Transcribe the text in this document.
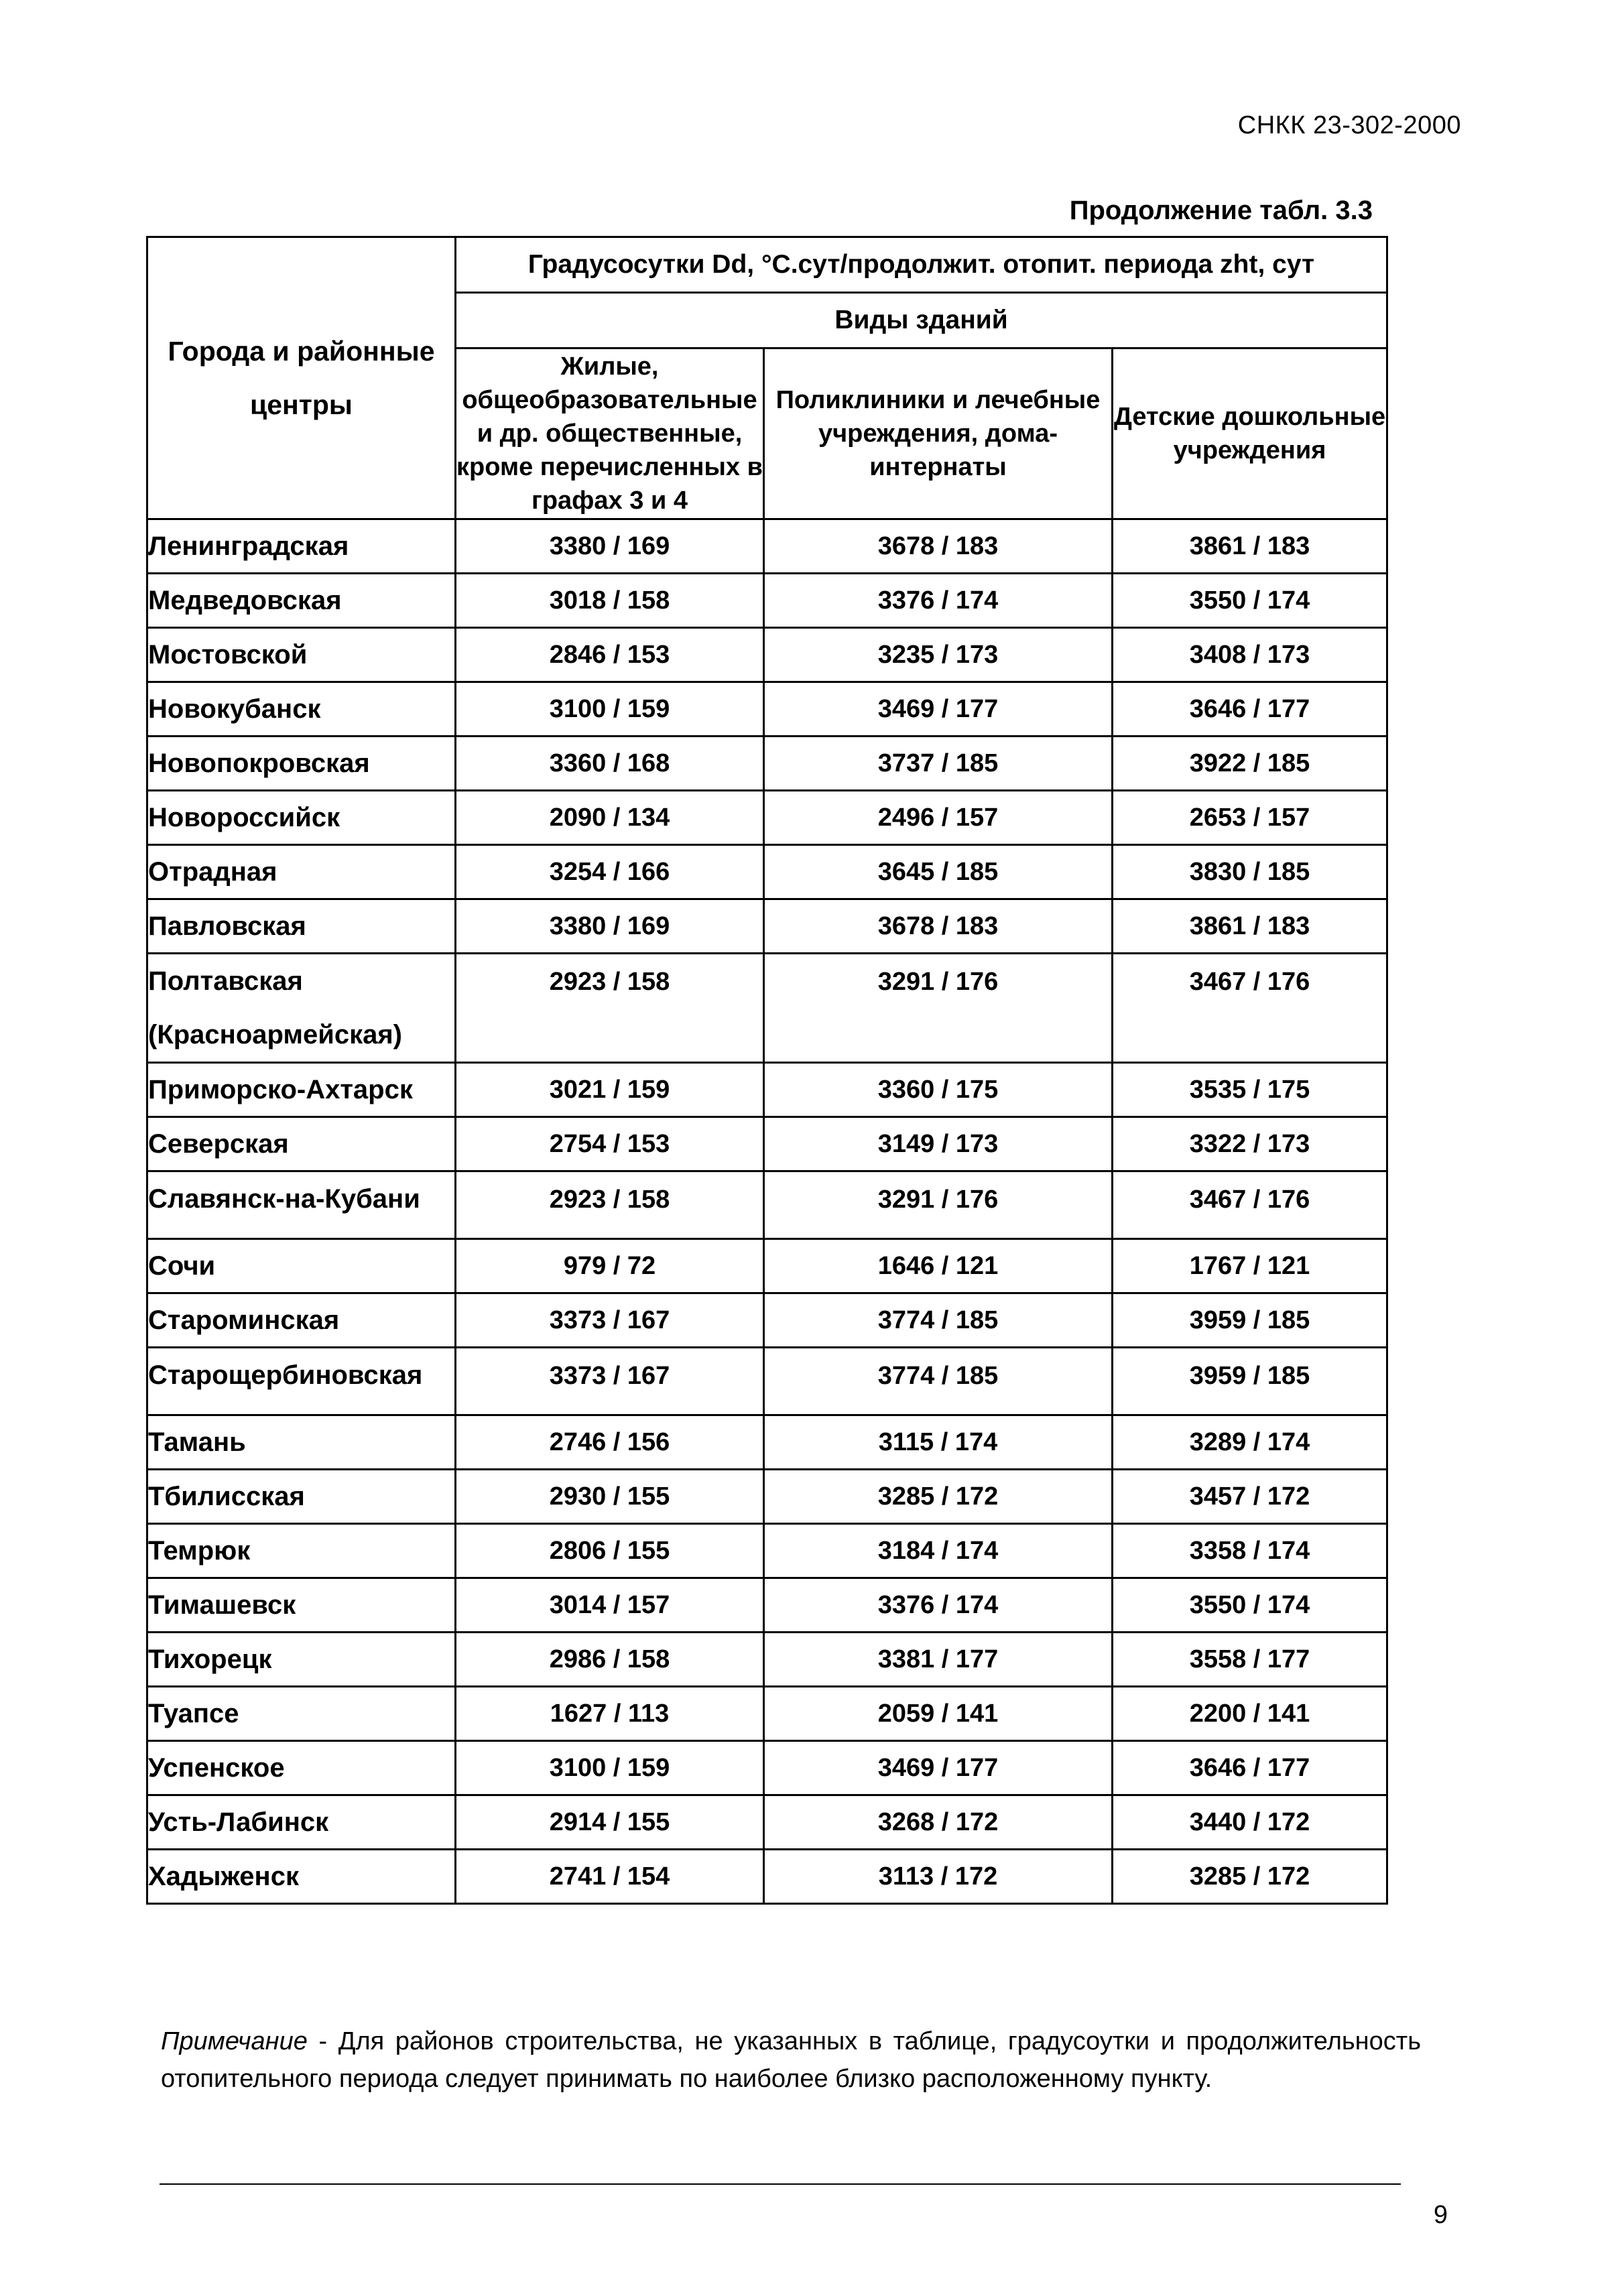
СНКК 23-302-2000
Продолжение табл. 3.3
Города и районные центры	Градусосутки Dd, °С.сут/продолжит. отопит. периода zht, сут		
	Виды зданий		
	Жилые, общеобразовательные и др. общественные, кроме перечисленных в графах 3 и 4	Поликлиники и лечебные учреждения, дома-интернаты	Детские дошкольные учреждения
Ленинградская	3380 / 169	3678 / 183	3861 / 183
Медведовская	3018 / 158	3376 / 174	3550 / 174
Мостовской	2846 / 153	3235 / 173	3408 / 173
Новокубанск	3100 / 159	3469 / 177	3646 / 177
Новопокровская	3360 / 168	3737 / 185	3922 / 185
Новороссийск	2090 / 134	2496 / 157	2653 / 157
Отрадная	3254 / 166	3645 / 185	3830 / 185
Павловская	3380 / 169	3678 / 183	3861 / 183
Полтавская (Красноармейская)	2923 / 158	3291 / 176	3467 / 176
Приморско-Ахтарск	3021 / 159	3360 / 175	3535 / 175
Северская	2754 / 153	3149 / 173	3322 / 173
Славянск-на-Кубани	2923 / 158	3291 / 176	3467 / 176
Сочи	979 / 72	1646 / 121	1767 / 121
Староминская	3373 / 167	3774 / 185	3959 / 185
Старощербиновская	3373 / 167	3774 / 185	3959 / 185
Тамань	2746 / 156	3115 / 174	3289 / 174
Тбилисская	2930 / 155	3285 / 172	3457 / 172
Темрюк	2806 / 155	3184 / 174	3358 / 174
Тимашевск	3014 / 157	3376 / 174	3550 / 174
Тихорецк	2986 / 158	3381 / 177	3558 / 177
Туапсе	1627 / 113	2059 / 141	2200 / 141
Успенское	3100 / 159	3469 / 177	3646 / 177
Усть-Лабинск	2914 / 155	3268 / 172	3440 / 172
Хадыженск	2741 / 154	3113 / 172	3285 / 172
Примечание - Для районов строительства, не указанных в таблице, градусоутки и продолжительность отопительного периода следует принимать по наиболее близко расположенному пункту.
9
